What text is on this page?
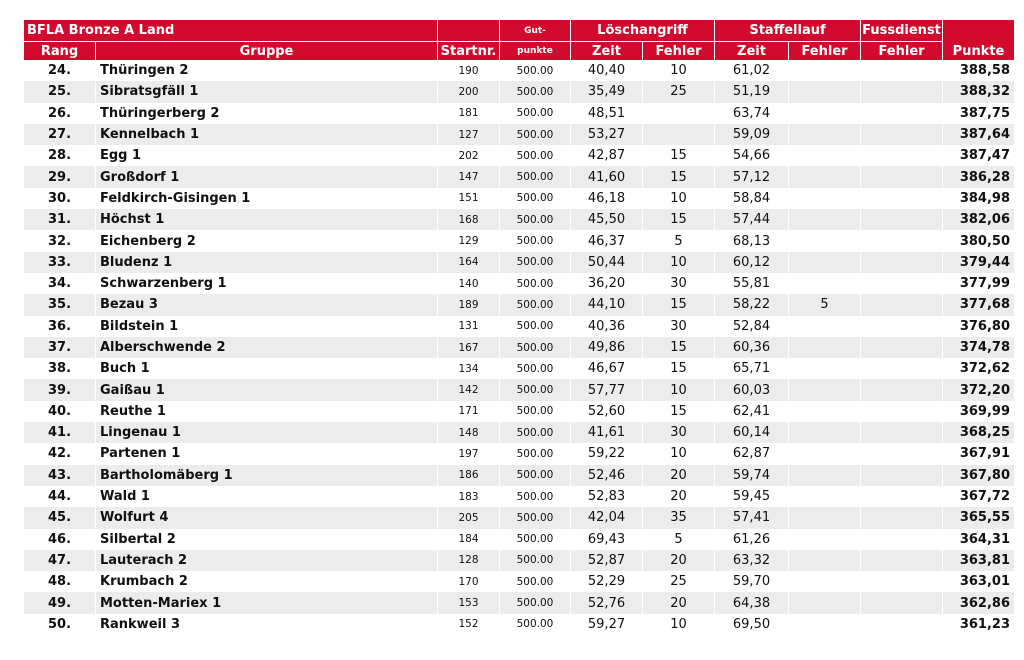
BFLA Bronze A Land			Gut-	Löschangriff		Staffellauf		Fussdienst	Punkte
Rang	Gruppe	Startnr.	punkte	Zeit	Fehler	Zeit	Fehler	Fehler	
24.	Thüringen 2	190	500.00	40,40	10	61,02			388,58
25.	Sibratsgfäll 1	200	500.00	35,49	25	51,19			388,32
26.	Thüringerberg 2	181	500.00	48,51		63,74			387,75
27.	Kennelbach 1	127	500.00	53,27		59,09			387,64
28.	Egg 1	202	500.00	42,87	15	54,66			387,47
29.	Großdorf 1	147	500.00	41,60	15	57,12			386,28
30.	Feldkirch-Gisingen 1	151	500.00	46,18	10	58,84			384,98
31.	Höchst 1	168	500.00	45,50	15	57,44			382,06
32.	Eichenberg 2	129	500.00	46,37	5	68,13			380,50
33.	Bludenz 1	164	500.00	50,44	10	60,12			379,44
34.	Schwarzenberg 1	140	500.00	36,20	30	55,81			377,99
35.	Bezau 3	189	500.00	44,10	15	58,22	5		377,68
36.	Bildstein 1	131	500.00	40,36	30	52,84			376,80
37.	Alberschwende 2	167	500.00	49,86	15	60,36			374,78
38.	Buch 1	134	500.00	46,67	15	65,71			372,62
39.	Gaißau 1	142	500.00	57,77	10	60,03			372,20
40.	Reuthe 1	171	500.00	52,60	15	62,41			369,99
41.	Lingenau 1	148	500.00	41,61	30	60,14			368,25
42.	Partenen 1	197	500.00	59,22	10	62,87			367,91
43.	Bartholomäberg 1	186	500.00	52,46	20	59,74			367,80
44.	Wald 1	183	500.00	52,83	20	59,45			367,72
45.	Wolfurt 4	205	500.00	42,04	35	57,41			365,55
46.	Silbertal 2	184	500.00	69,43	5	61,26			364,31
47.	Lauterach 2	128	500.00	52,87	20	63,32			363,81
48.	Krumbach 2	170	500.00	52,29	25	59,70			363,01
49.	Motten-Mariex 1	153	500.00	52,76	20	64,38			362,86
50.	Rankweil 3	152	500.00	59,27	10	69,50			361,23
